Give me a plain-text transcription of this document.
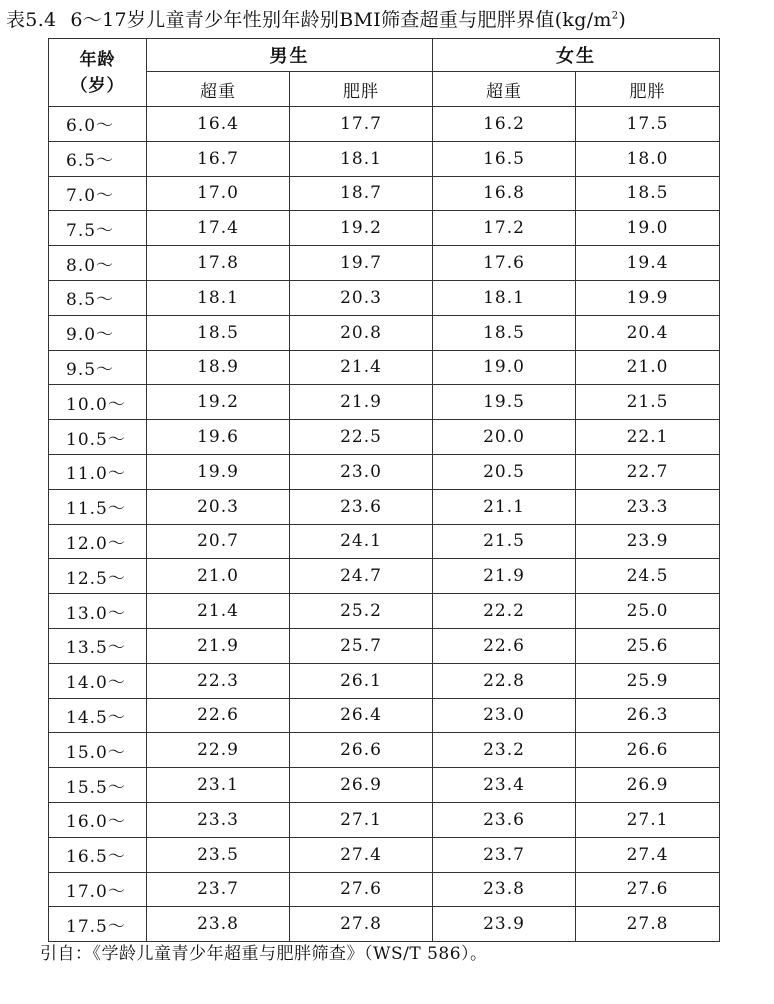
表5.4 6～17岁儿童青少年性别年龄别BMI筛查超重与肥胖界值$(kg/m^2)$
年龄
（岁）	男生		女生	
	超重	肥胖	超重	肥胖
6.0～	16.4	17.7	16.2	17.5
6.5～	16.7	18.1	16.5	18.0
7.0～	17.0	18.7	16.8	18.5
7.5～	17.4	19.2	17.2	19.0
8.0～	17.8	19.7	17.6	19.4
8.5～	18.1	20.3	18.1	19.9
9.0～	18.5	20.8	18.5	20.4
9.5～	18.9	21.4	19.0	21.0
10.0～	19.2	21.9	19.5	21.5
10.5～	19.6	22.5	20.0	22.1
11.0～	19.9	23.0	20.5	22.7
11.5～	20.3	23.6	21.1	23.3
12.0～	20.7	24.1	21.5	23.9
12.5～	21.0	24.7	21.9	24.5
13.0～	21.4	25.2	22.2	25.0
13.5～	21.9	25.7	22.6	25.6
14.0～	22.3	26.1	22.8	25.9
14.5～	22.6	26.4	23.0	26.3
15.0～	22.9	26.6	23.2	26.6
15.5～	23.1	26.9	23.4	26.9
16.0～	23.3	27.1	23.6	27.1
16.5～	23.5	27.4	23.7	27.4
17.0～	23.7	27.6	23.8	27.6
17.5～	23.8	27.8	23.9	27.8
引自：《学龄儿童青少年超重与肥胖筛查》（WS/T 586）。
